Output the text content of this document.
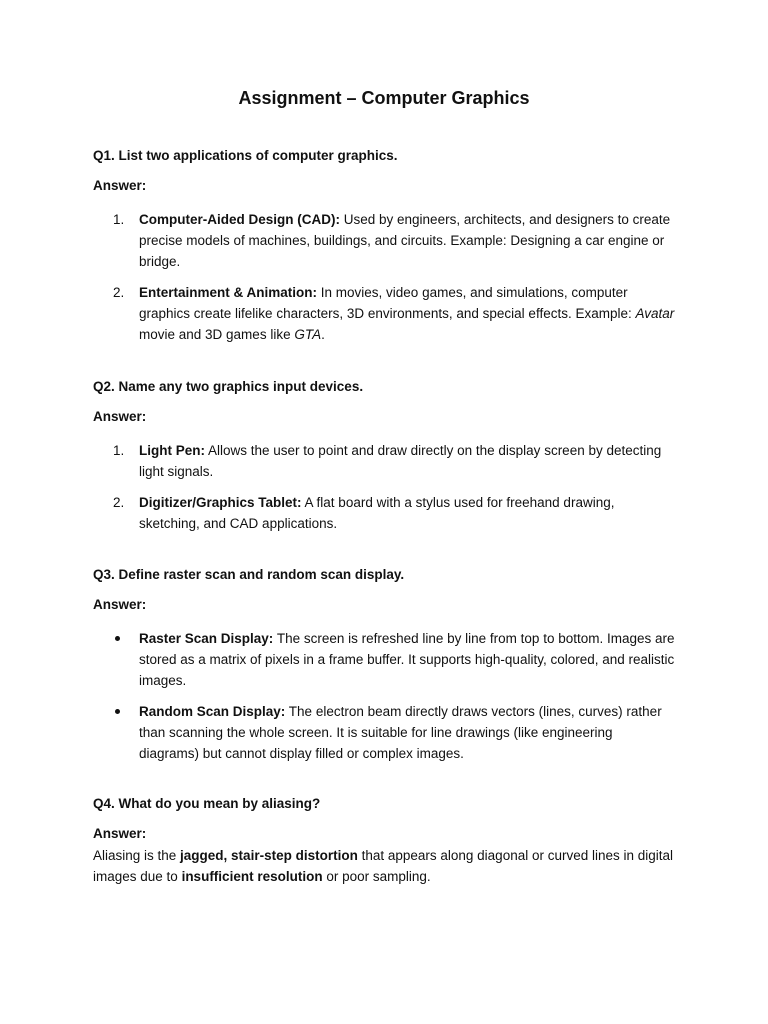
Assignment – Computer Graphics

Q1. List two applications of computer graphics.

Answer:

1.	Computer-Aided Design (CAD): Used by engineers, architects, and designers to create precise models of machines, buildings, and circuits. Example: Designing a car engine or bridge.
2.	Entertainment & Animation: In movies, video games, and simulations, computer graphics create lifelike characters, 3D environments, and special effects. Example: Avatar movie and 3D games like GTA.

Q2. Name any two graphics input devices.

Answer:

1.	Light Pen: Allows the user to point and draw directly on the display screen by detecting light signals.
2.	Digitizer/Graphics Tablet: A flat board with a stylus used for freehand drawing, sketching, and CAD applications.

Q3. Define raster scan and random scan display.

Answer:

Raster Scan Display: The screen is refreshed line by line from top to bottom. Images are stored as a matrix of pixels in a frame buffer. It supports high-quality, colored, and realistic images.
Random Scan Display: The electron beam directly draws vectors (lines, curves) rather than scanning the whole screen. It is suitable for line drawings (like engineering diagrams) but cannot display filled or complex images.

Q4. What do you mean by aliasing?

Answer:

Aliasing is the jagged, stair-step distortion that appears along diagonal or curved lines in digital images due to insufficient resolution or poor sampling.
